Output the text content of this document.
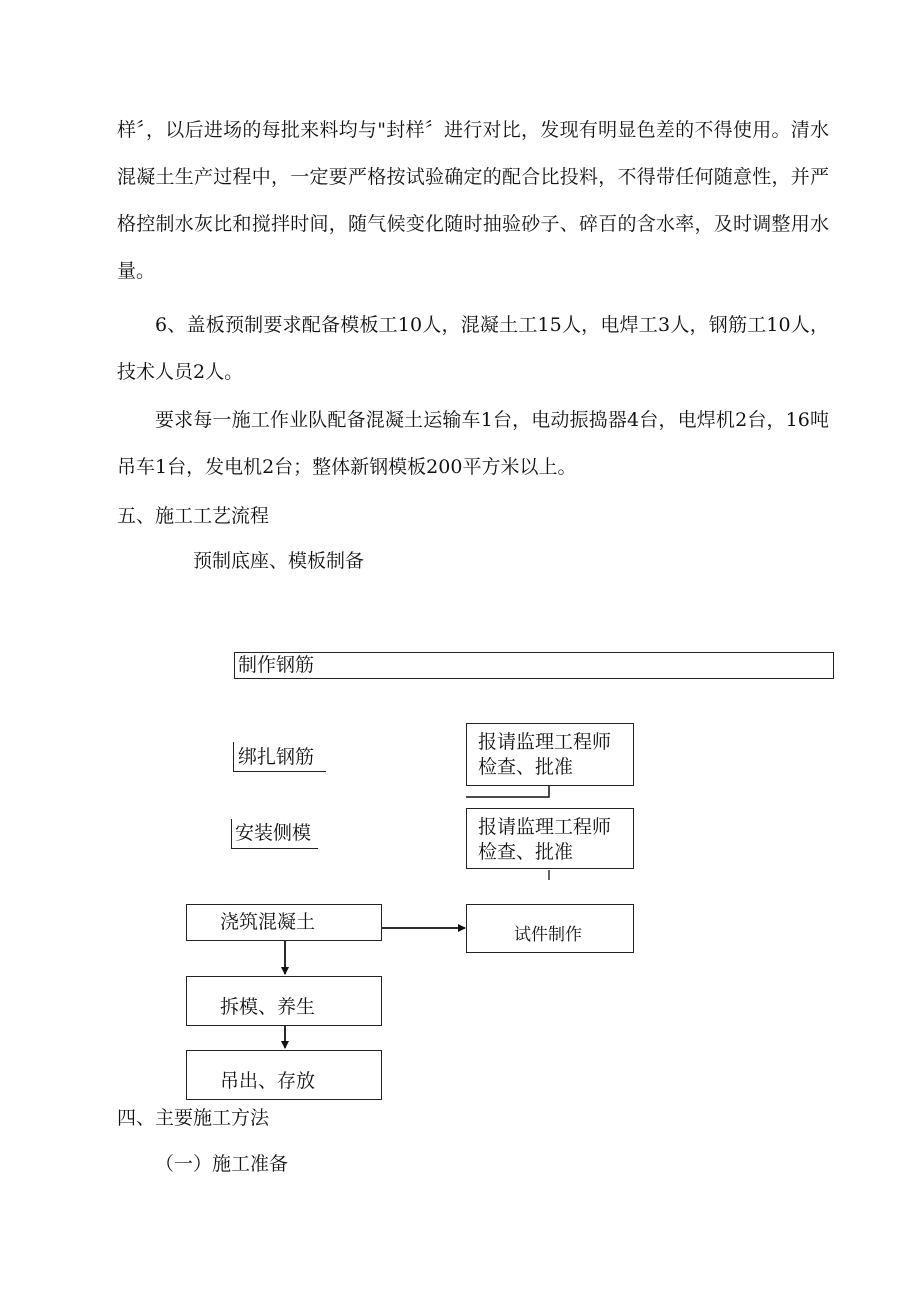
样〞，以后进场的每批来料均与"封样〞进行对比，发现有明显色差的不得使用。清水混凝土生产过程中，一定要严格按试验确定的配合比投料，不得带任何随意性，并严格控制水灰比和搅拌时间，随气候变化随时抽验砂子、碎百的含水率，及时调整用水量。

6、盖板预制要求配备模板工10人，混凝土工15人，电焊工3人，钢筋工10人，技术人员2人。

要求每一施工作业队配备混凝土运输车1台，电动振捣器4台，电焊机2台，16吨吊车1台，发电机2台；整体新钢模板200平方米以上。

五、施工工艺流程
预制底座、模板制备
制作钢筋
绑扎钢筋
安装侧模
报请监理工程师
检查、批准
报请监理工程师
检查、批准
浇筑混凝土
试件制作
拆模、养生
吊出、存放
四、主要施工方法
（一）施工准备
